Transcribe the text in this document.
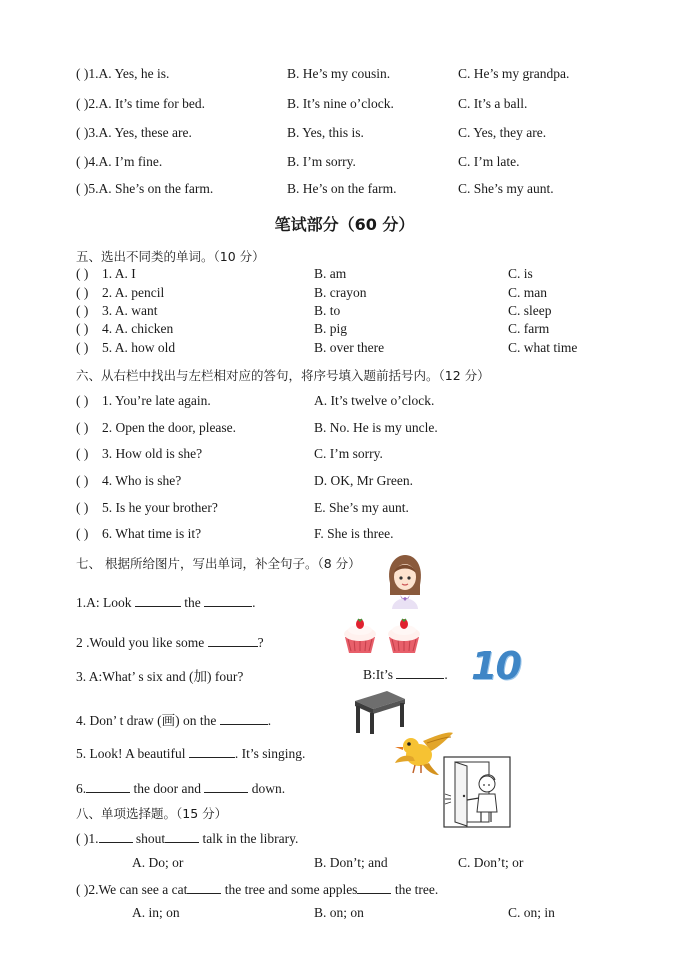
( )1.A. Yes, he is.	B. He’s my cousin.	C. He’s my grandpa.
( )2.A. It’s time for bed.	B. It’s nine o’clock.	C. It’s a ball.
( )3.A. Yes, these are.	B. Yes, this is.	C. Yes, they are.
( )4.A. I’m fine.	B. I’m sorry.	C. I’m late.
( )5.A. She’s on the farm.	B. He’s on the farm.	C. She’s my aunt.
笔试部分（60 分）
五、选出不同类的单词。（10 分）
( ) 1. A. I	B. am	C. is
( ) 2. A. pencil	B. crayon	C. man
( ) 3. A. want	B. to	C. sleep
( ) 4. A. chicken	B. pig	C. farm
( ) 5. A. how old	B. over there	C. what time
六、从右栏中找出与左栏相对应的答句，将序号填入题前括号内。（12 分）
( ) 1. You’re late again.	A. It’s twelve o’clock.
( ) 2. Open the door, please.	B. No. He is my uncle.
( ) 3. How old is she?	C. I’m sorry.
( ) 4. Who is she?	D. OK, Mr Green.
( ) 5. Is he your brother?	E. She’s my aunt.
( ) 6. What time is it?	F. She is three.
七、 根据所给图片，写出单词，补全句子。（8 分）
1.A: Look	the	.
2 .Would you like some	?
3. A:What’ s six and (加) four?	B:It’s	.
4. Don’ t draw (画) on the	.
5. Look! A beautiful	. It’s singing.
6.	the door and	down.
10
八、单项选择题。（15 分）
( )1.	shout	talk in the library.
A. Do; or	B. Don’t; and	C. Don’t; or
( )2.We can see a cat	the tree and some apples	the tree.
A. in; on	B. on; on	C. on; in
